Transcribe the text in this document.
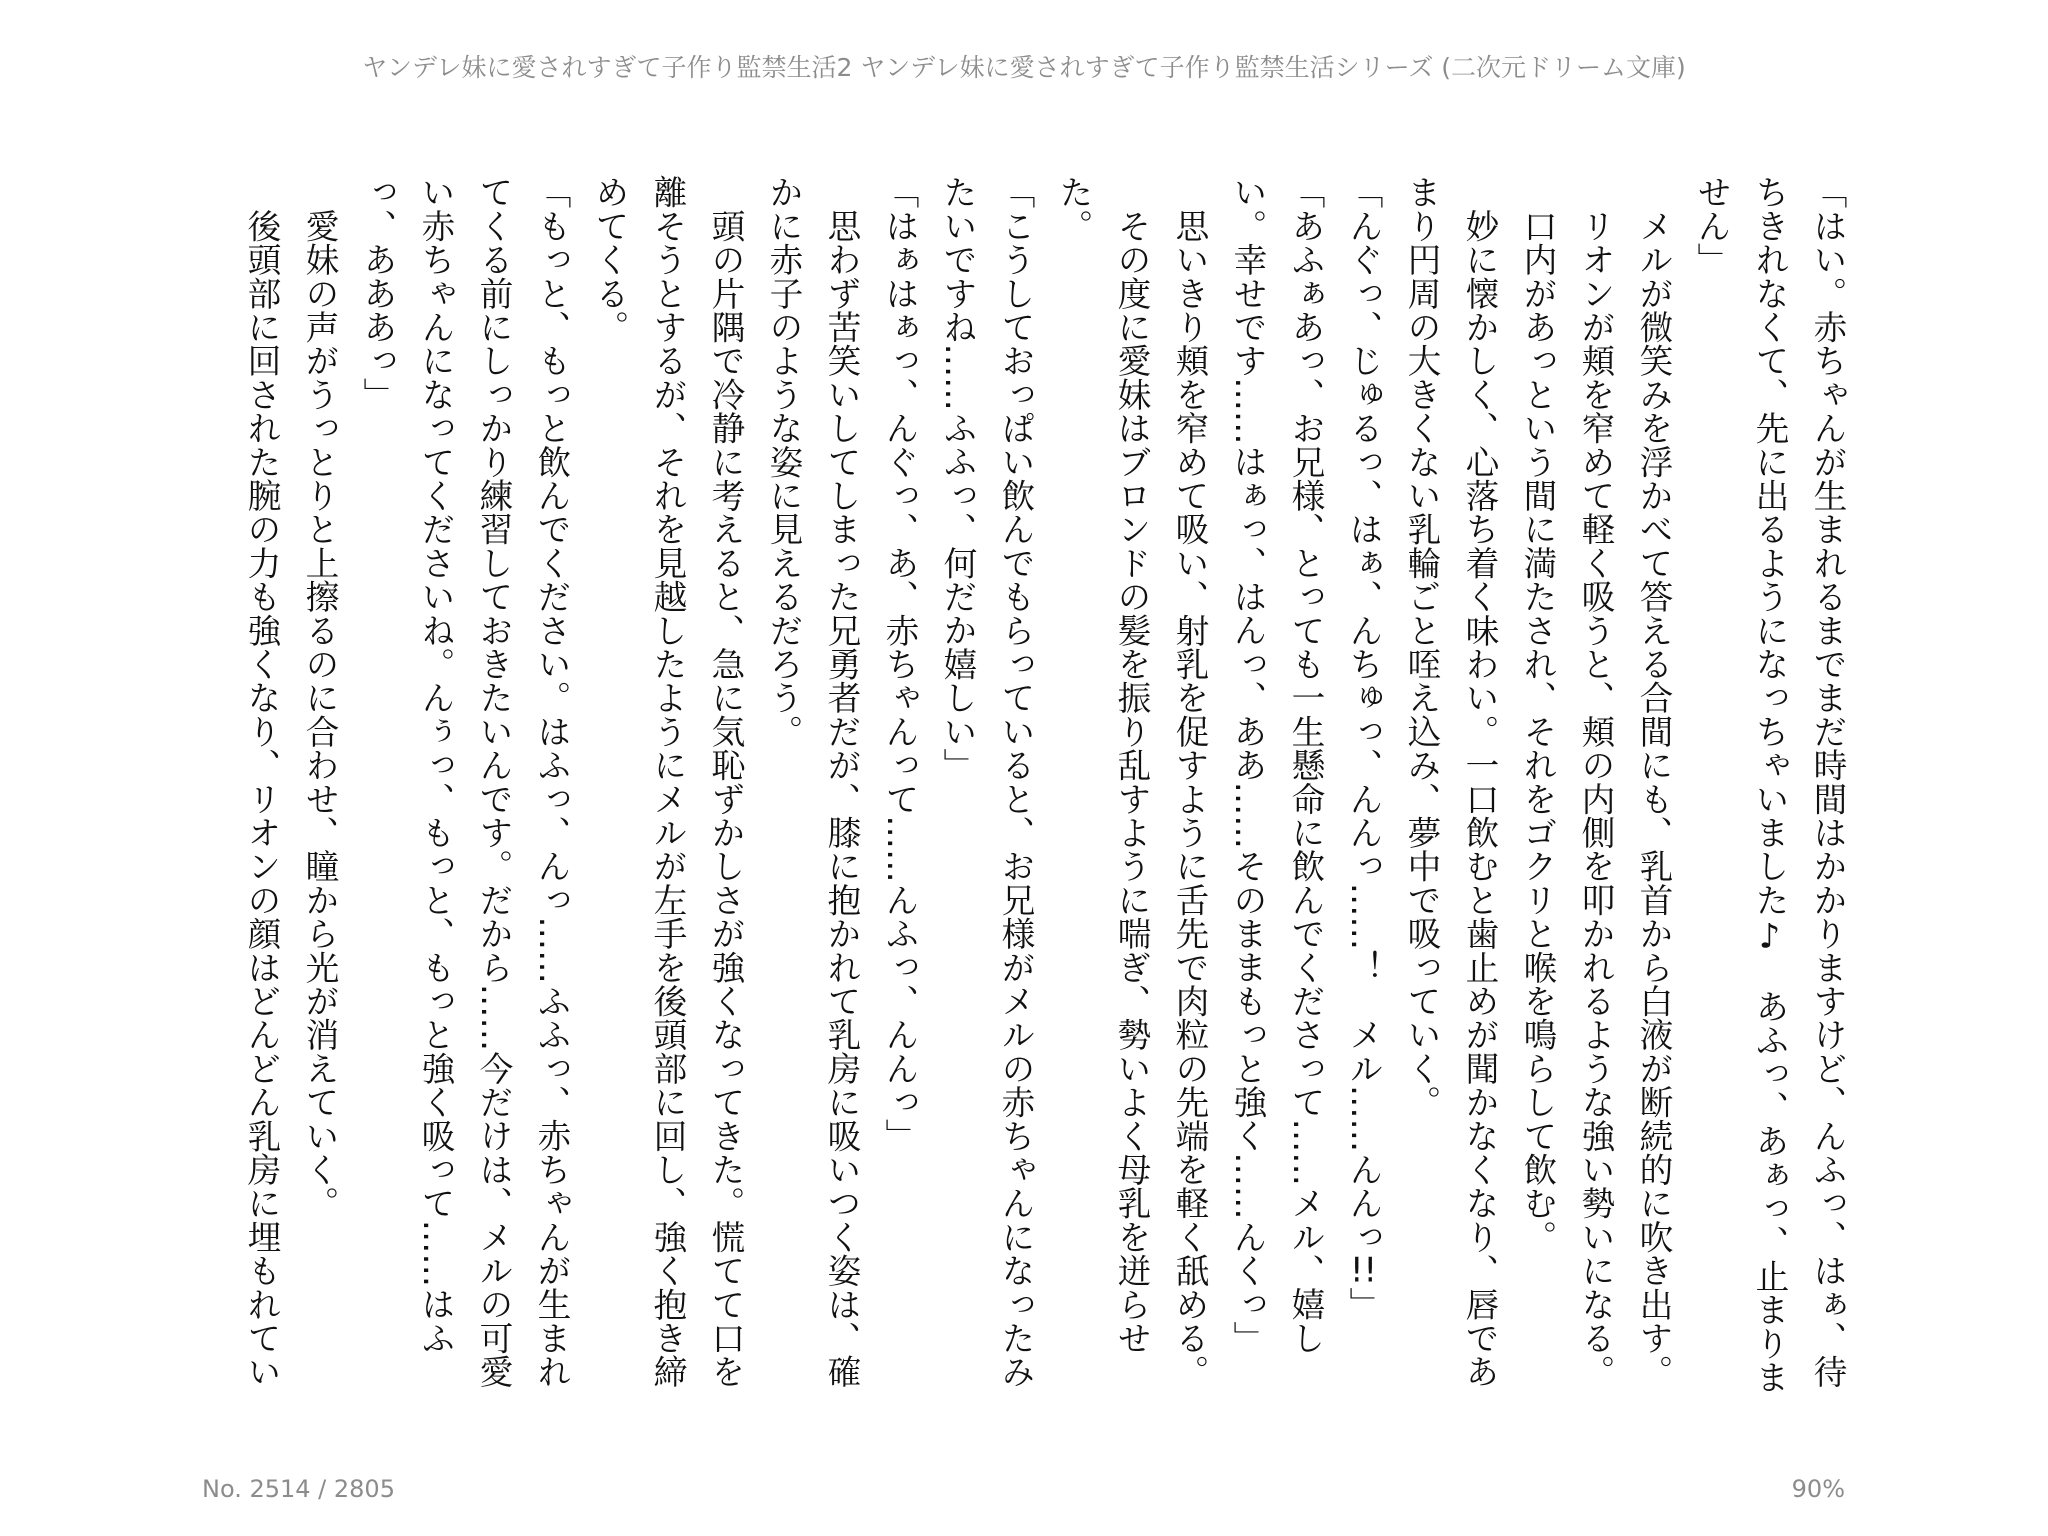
ヤンデレ妹に愛されすぎて子作り監禁生活2 ヤンデレ妹に愛されすぎて子作り監禁生活シリーズ (二次元ドリーム文庫)
「はい。赤ちゃんが生まれるまでまだ時間はかかりますけど、んふっ、はぁ、待
ちきれなくて、先に出るようになっちゃいました♪　あふっ、あぁっ、止まりま
せん」
　メルが微笑みを浮かべて答える合間にも、乳首から白液が断続的に吹き出す。
　リオンが頬を窄めて軽く吸うと、頬の内側を叩かれるような強い勢いになる。
　口内があっという間に満たされ、それをゴクリと喉を鳴らして飲む。
　妙に懐かしく、心落ち着く味わい。一口飲むと歯止めが聞かなくなり、唇であ
まり円周の大きくない乳輪ごと咥え込み、夢中で吸っていく。
「んぐっ、じゅるっ、はぁ、んちゅっ、んんっ……！　メル……んんっ!!」
「あふぁあっ、お兄様、とっても一生懸命に飲んでくださって……メル、嬉し
い。幸せです……はぁっ、はんっ、ああ……そのままもっと強く……んくっ」
　思いきり頬を窄めて吸い、射乳を促すように舌先で肉粒の先端を軽く舐める。
　その度に愛妹はブロンドの髪を振り乱すように喘ぎ、勢いよく母乳を迸らせ
た。
「こうしておっぱい飲んでもらっていると、お兄様がメルの赤ちゃんになったみ
たいですね……ふふっ、何だか嬉しい」
「はぁはぁっ、んぐっ、あ、赤ちゃんって……んふっ、んんっ」
　思わず苦笑いしてしまった兄勇者だが、膝に抱かれて乳房に吸いつく姿は、確
かに赤子のような姿に見えるだろう。
　頭の片隅で冷静に考えると、急に気恥ずかしさが強くなってきた。慌てて口を
離そうとするが、それを見越したようにメルが左手を後頭部に回し、強く抱き締
めてくる。
「もっと、もっと飲んでください。はふっ、んっ……ふふっ、赤ちゃんが生まれ
てくる前にしっかり練習しておきたいんです。だから……今だけは、メルの可愛
い赤ちゃんになってくださいね。んぅっ、もっと、もっと強く吸って……はふ
っ、あああっ」
　愛妹の声がうっとりと上擦るのに合わせ、瞳から光が消えていく。
　後頭部に回された腕の力も強くなり、リオンの顔はどんどん乳房に埋もれてい
No. 2514 / 2805	90%
